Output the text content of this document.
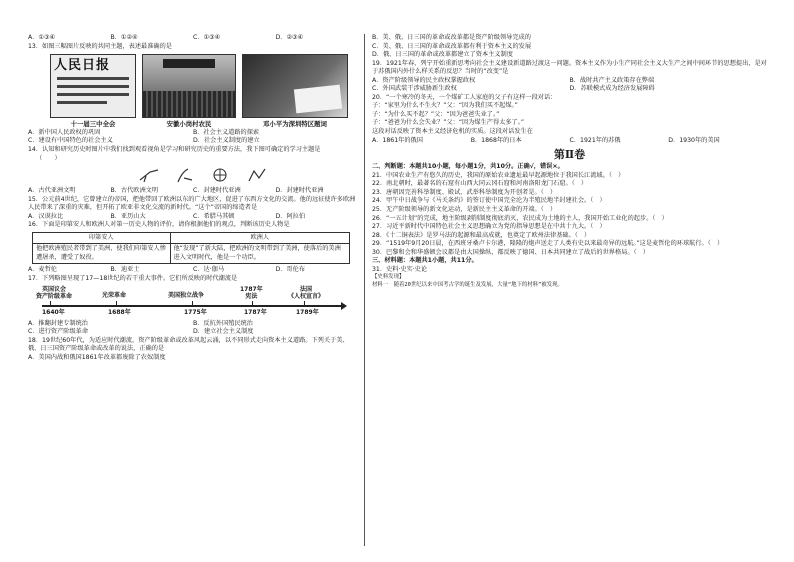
A．①③④	B．①②④	C．①③④	D．②③④
13．如图三幅图片反映的共同主题，表述最准确的是
人民日报
十一届三中全会	安徽小岗村农民	邓小平为深圳特区题词
A．新中国人民政权的巩固	B．社会主义道路的探索
C．建设有中国特色的社会主义	D．社会主义制度的建立
14．认知和研究历史时图片中我们找到观看视角是学习和研究历史的重要方法，我下图可确定的学习主题是
（　　）
A．古代亚洲文明	B．古代欧洲文明	C．封建时代亚洲	D．封建时代亚洲
15．公元前4世纪，它曾建立的帝国，把他带回了欧洲以东的广大地区，促进了东西方文化的交流。他的远征使许多欧洲人民带来了深重的灾难，但开拓了欧亚非文化交流的新时代。“这个”帝国的缔造者是
A．汉谟拉比	B．亚历山大	C．希腊马其顿	D．阿拉伯
16．下面是印第安人和欧洲人对第一历史人物的评价，请你根据他们的观点，判断该历史人物是
印第安人	欧洲人
他把欧洲殖民者带到了美洲，使我们印第安人惨遭屠杀，遭受了奴役。	他“发现”了新大陆，把欧洲的文明带到了美洲，使落后的美洲进入文明时代，他是一个功臣。
A．麦哲伦	B．迪亚士	C．达·伽马	D．哥伦布
17．下列略图呈现了17—18世纪的若干重大事件。它们所反映的时代潮流是
英国议会
资产阶级革命	光荣革命	美国独立战争
1787年
宪法
法国
《人权宣言》
1640年	1688年	1775年	1787年	1789年
A．推翻封建专制统治	B．反抗外国殖民统治
C．进行资产阶级革命	D．建立社会主义制度
18．19世纪60年代，为适应时代潮流，资产阶级革命或改革风起云涌，以不同形式走向资本主义道路。下列关于美、俄、日三国资产阶级革命或改革的说法，正确的是
A．美国内战和俄国1861年改革都废除了农奴制度
B．美、俄、日三国的革命或改革都是资产阶级领导完成的
C．美、俄、日三国的革命或改革都有利于资本主义的发展
D．俄、日三国的革命或改革都建立了资本主义制度
19．1921年春，列宁开始重新思考向社会主义建设新道路过渡这一问题。资本主义作为小生产同社会主义大生产之间中间环节的思想提出，是对于苏俄国内外什么样关系的反思？当时的“改变”是
A．资产阶级领导的民主政权掌握政权	B．战时共产主义政策存在弊端
C．外国武装干涉威胁新生政权	D．苏联模式成为经济发展障碍
20．“一个寒冷的冬天，一个煤矿工人家庭的父子有这样一段对话：
子：“家里为什么不生火？”父：“因为我们买不起煤。”
子：“为什么买不起？”父：“因为爸爸失业了。”
子：“爸爸为什么会失业？”父：“因为煤生产得太多了。”
这段对话反映了资本主义经济危机的实质。这段对话发生在
A．1861年的俄国	B．1868年的日本	C．1921年的苏俄	D．1930年的美国
第Ⅱ卷
二、判断题：本题共10小题，每小题1分，共10分。正确√，错误×。
21．中国农业生产有悠久的历史，我国的原始农业遗址最早起源地位于我国长江流域。（　）
22．南北朝时，最著名的石窟有山西大同云冈石窟和河南洛阳龙门石窟。（　）
23．唐朝因完善科举制度、殿试、武举科举制度为开创者是。（　）
24．甲午中日战争与《马关条约》的签订使中国完全沦为半殖民地半封建社会。（　）
25．无产阶级领导的新文化运动，是新民主主义革命的开端。（　）
26．“一五计划”的完成，地主阶级剥削制度彻底消灭，农民成为土地的主人，我国开始工业化的起步。（　）
27．习近平新时代中国特色社会主义思想确立为党的指导思想是在中共十九大。（　）
28．《十二铜表法》是罗马法的起源和最高成就，也奠定了欧州法律基础。（　）
29．“1519年9月20日晨，在西班牙桑卢卡尔港，隆隆的炮声送走了人类有史以来最奇异的远航。”这是麦哲伦的环球航行。（　）
30．巴黎和会和华盛顿会议都是由大国操纵，都反映了德国、日本共同建立了战后的世界格局。（　）
三、材料题：本题共1小题，共11分。
31．史料·史实·史论
【史料发现】
材料一　随着20世纪以来中国考古学的诞生及发展，大量“地下的材料”被发现。
